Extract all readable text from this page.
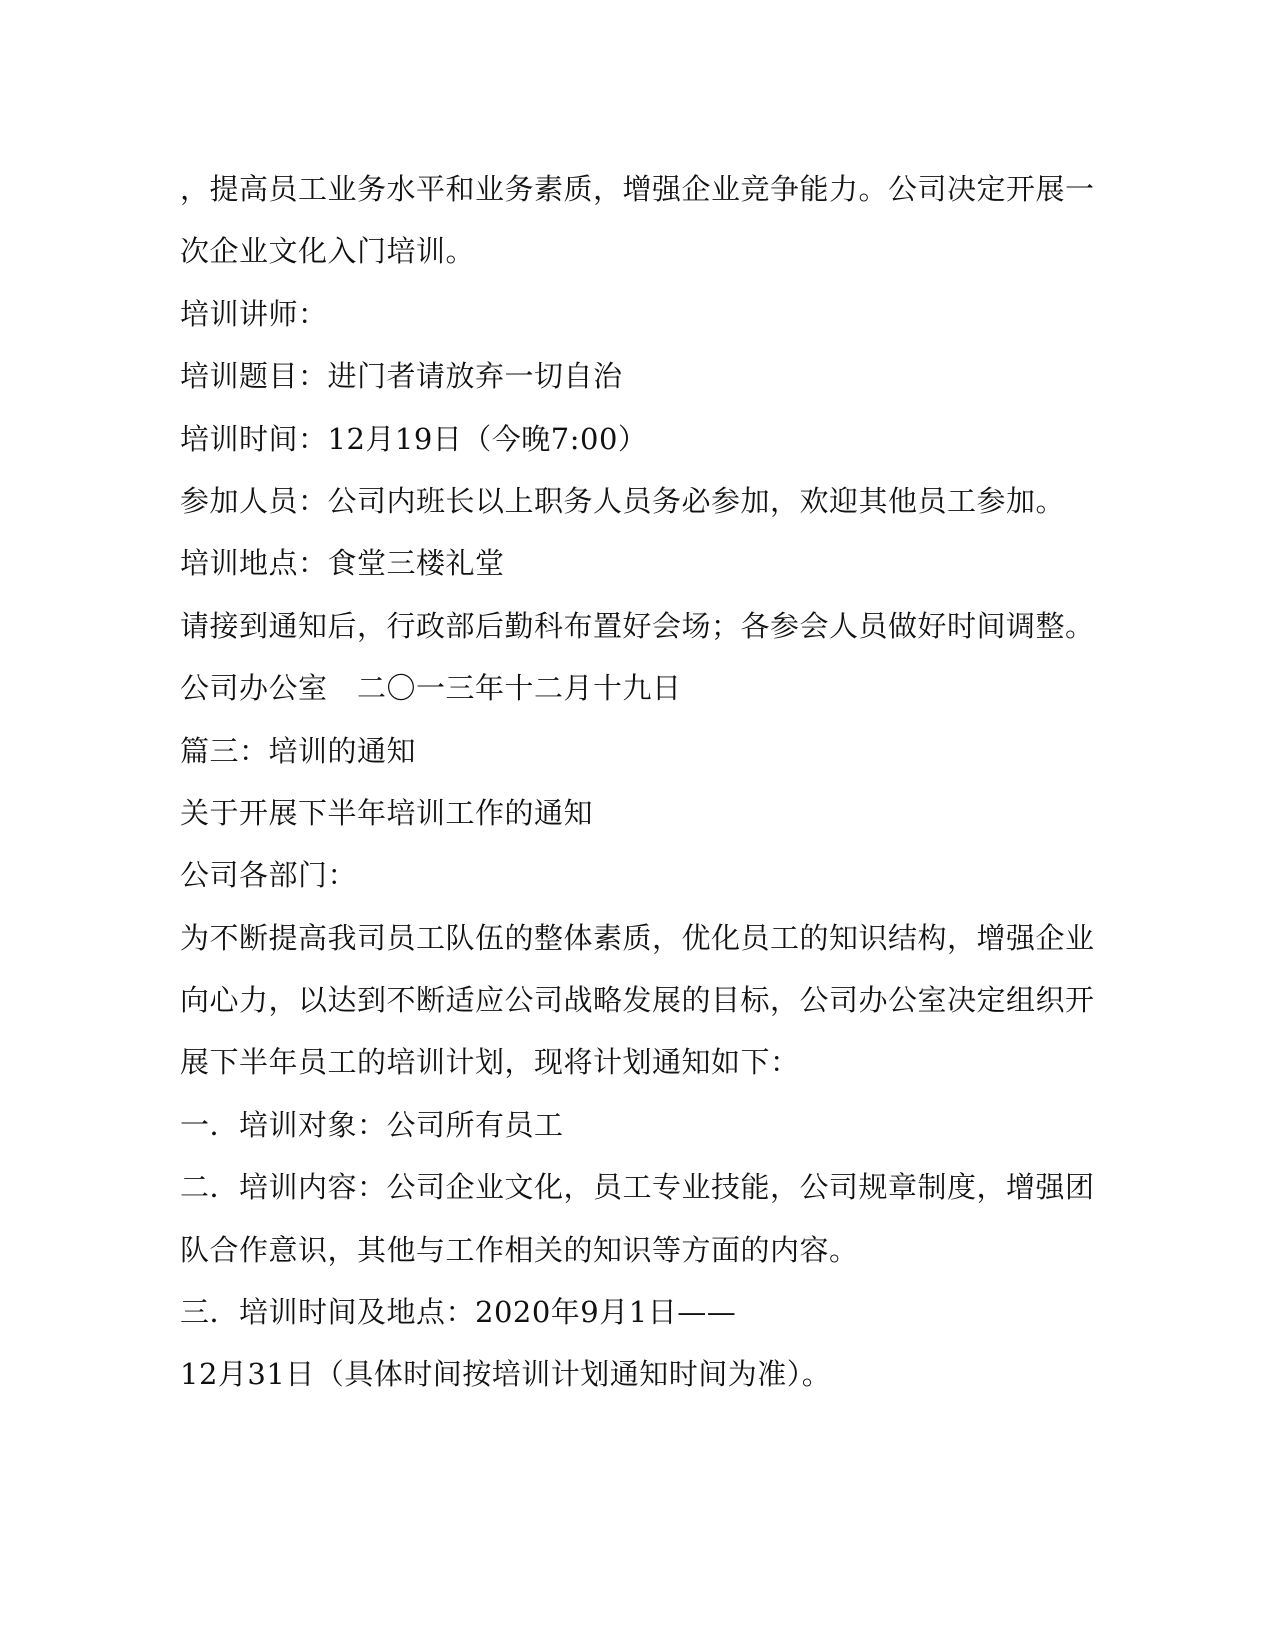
，提高员工业务水平和业务素质，增强企业竞争能力。公司决定开展一
次企业文化入门培训。
培训讲师：
培训题目：进门者请放弃一切自治
培训时间：12月19日（今晚7:00）
参加人员：公司内班长以上职务人员务必参加，欢迎其他员工参加。
培训地点：食堂三楼礼堂
请接到通知后，行政部后勤科布置好会场；各参会人员做好时间调整。
公司办公室　二〇一三年十二月十九日
篇三：培训的通知
关于开展下半年培训工作的通知
公司各部门：
为不断提高我司员工队伍的整体素质，优化员工的知识结构，增强企业
向心力，以达到不断适应公司战略发展的目标，公司办公室决定组织开
展下半年员工的培训计划，现将计划通知如下：
一．培训对象：公司所有员工
二．培训内容：公司企业文化，员工专业技能，公司规章制度，增强团
队合作意识，其他与工作相关的知识等方面的内容。
三．培训时间及地点：2020年9月1日——
12月31日（具体时间按培训计划通知时间为准）。
